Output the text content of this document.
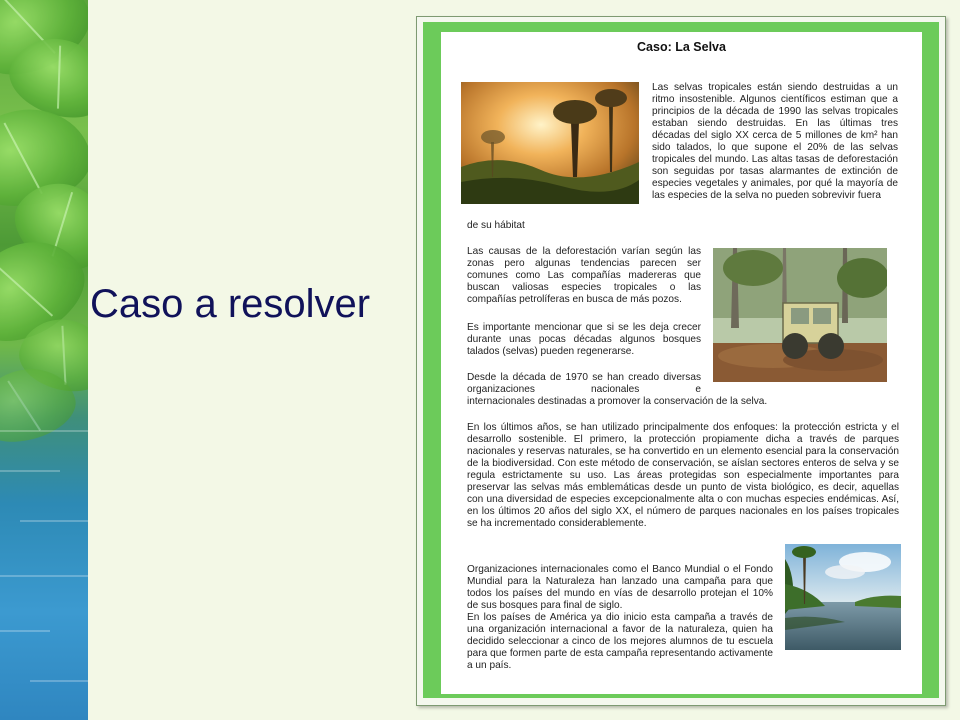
Caso a resolver
Caso: La Selva
Las selvas tropicales están siendo destruidas a un ritmo insostenible. Algunos científicos estiman que a principios de la década de 1990 las selvas tropicales estaban siendo destruidas. En las últimas tres décadas del siglo XX cerca de 5 millones de km² han sido talados, lo que supone el 20% de las selvas tropicales del mundo. Las altas tasas de deforestación son seguidas por tasas alarmantes de extinción de especies vegetales y animales, por qué la mayoría de las especies de la selva no pueden sobrevivir fuera
de su hábitat
Las causas de la deforestación varían según las zonas pero algunas tendencias parecen ser comunes como Las compañías madereras que buscan valiosas especies tropicales o las compañías petrolíferas en busca de más pozos.
Es importante mencionar que si se les deja crecer durante unas pocas décadas algunos bosques talados (selvas) pueden regenerarse.
Desde la década de 1970 se han creado diversas organizaciones nacionales e
internacionales destinadas a promover la conservación de la selva.
En los últimos años, se han utilizado principalmente dos enfoques: la protección estricta y el desarrollo sostenible. El primero, la protección propiamente dicha a través de parques nacionales y reservas naturales, se ha convertido en un elemento esencial para la conservación de la biodiversidad. Con este método de conservación, se aíslan sectores enteros de selva y se regula estrictamente su uso. Las áreas protegidas son especialmente importantes para preservar las selvas más emblemáticas desde un punto de vista biológico, es decir, aquellas con una diversidad de especies excepcionalmente alta o con muchas especies endémicas. Así, en los últimos 20 años del siglo XX, el número de parques nacionales en los países tropicales se ha incrementado considerablemente.
Organizaciones internacionales como el Banco Mundial o el Fondo Mundial para la Naturaleza han lanzado una campaña para que todos los países del mundo en vías de desarrollo protejan el 10% de sus bosques para final de siglo.
En los países de América ya dio inicio esta campaña a través de una organización internacional a favor de la naturaleza, quien ha decidido seleccionar a cinco de los mejores alumnos de tu escuela para que formen parte de esta campaña representando activamente a un país.
